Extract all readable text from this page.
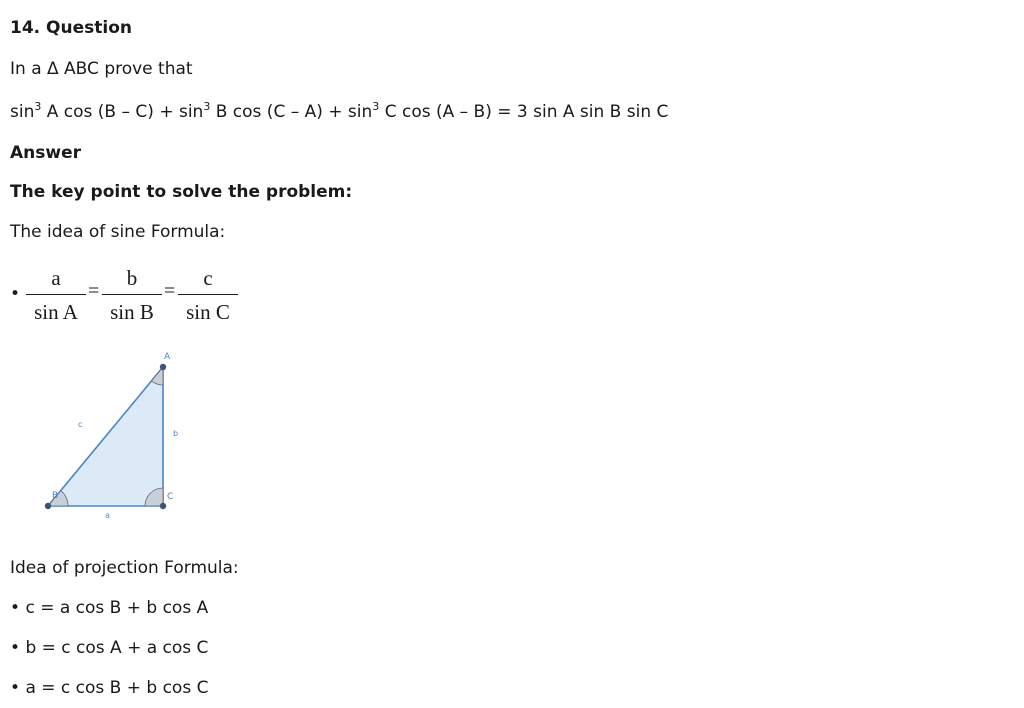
14. Question
In a Δ ABC prove that
$\sin^3 A$ $\cos (B - C) + \sin^3 B$ $\cos (C - A) + \sin^3 C$ cos (A – B) = 3 sin A sin B sin C
Answer
The key point to solve the problem:
The idea of sine Formula:
• $\frac{a}{\text{sin A}} = \frac{b}{\text{sin B}} = \frac{c}{\text{sin C}}$
A
B	C
a
b
c
Idea of projection Formula:
• c = a cos B + b cos A
• b = c cos A + a cos C
• a = c cos B + b cos C
